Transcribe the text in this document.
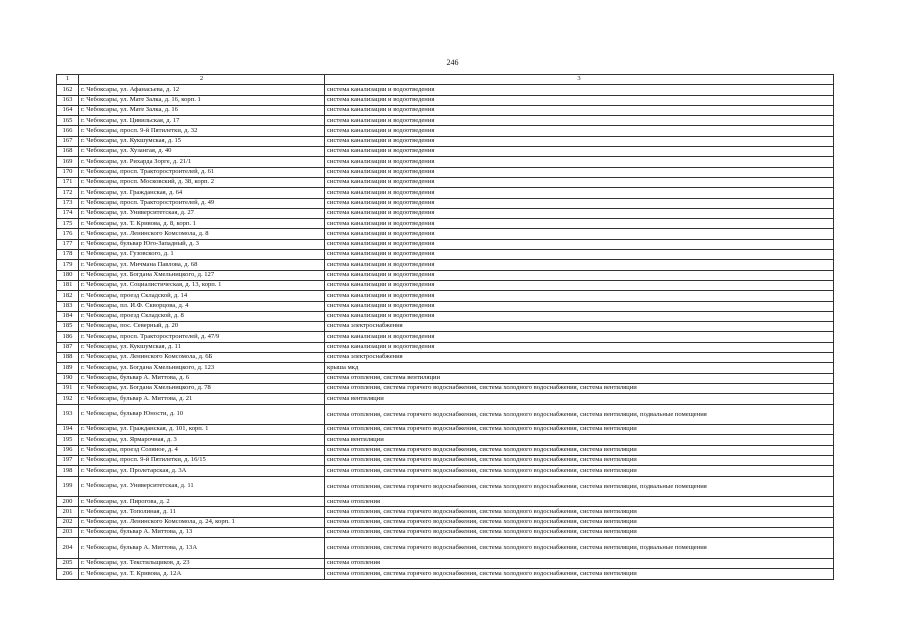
246
1	2	3
162	г. Чебоксары, ул. Афанасьева, д. 12	система канализации и водоотведения
163	г. Чебоксары, ул. Мате Залка, д. 16, корп. 1	система канализации и водоотведения
164	г. Чебоксары, ул. Мате Залка, д. 16	система канализации и водоотведения
165	г. Чебоксары, ул. Цивильская, д. 17	система канализации и водоотведения
166	г. Чебоксары, просп. 9-й Пятилетки, д. 32	система канализации и водоотведения
167	г. Чебоксары, ул. Кукшумская, д. 15	система канализации и водоотведения
168	г. Чебоксары, ул. Хузангая, д. 40	система канализации и водоотведения
169	г. Чебоксары, ул. Рихарда Зорге, д. 21/1	система канализации и водоотведения
170	г. Чебоксары, просп. Тракторостроителей, д. 61	система канализации и водоотведения
171	г. Чебоксары, просп. Московский, д. 38, корп. 2	система канализации и водоотведения
172	г. Чебоксары, ул. Гражданская, д. 64	система канализации и водоотведения
173	г. Чебоксары, просп. Тракторостроителей, д. 49	система канализации и водоотведения
174	г. Чебоксары, ул. Университетская, д. 27	система канализации и водоотведения
175	г. Чебоксары, ул. Т. Кривова, д. 8, корп. 1	система канализации и водоотведения
176	г. Чебоксары, ул. Ленинского Комсомола, д. 8	система канализации и водоотведения
177	г. Чебоксары, бульвар Юго-Западный, д. 3	система канализации и водоотведения
178	г. Чебоксары, ул. Гузовского, д. 1	система канализации и водоотведения
179	г. Чебоксары, ул. Мичмана Павлова, д. 68	система канализации и водоотведения
180	г. Чебоксары, ул. Богдана Хмельницкого, д. 127	система канализации и водоотведения
181	г. Чебоксары, ул. Социалистическая, д. 13, корп. 1	система канализации и водоотведения
182	г. Чебоксары, проезд Складской, д. 14	система канализации и водоотведения
183	г. Чебоксары, пл. И.Ф. Скворцова, д. 4	система канализации и водоотведения
184	г. Чебоксары, проезд Складской, д. 8	система канализации и водоотведения
185	г. Чебоксары, пос. Северный, д. 20	система электроснабжения
186	г. Чебоксары, просп. Тракторостроителей, д. 47/9	система канализации и водоотведения
187	г. Чебоксары, ул. Кукшумская, д. 11	система канализации и водоотведения
188	г. Чебоксары, ул. Ленинского Комсомола, д. 6Б	система электроснабжения
189	г. Чебоксары, ул. Богдана Хмельницкого, д. 123	крыша мкд
190	г. Чебоксары, бульвар А. Миттова, д. 6	система отопления, система вентиляции
191	г. Чебоксары, ул. Богдана Хмельницкого, д. 78	система отопления, система горячего водоснабжения, система холодного водоснабжения, система вентиляции
192	г. Чебоксары, бульвар А. Миттова, д. 21	система вентиляции
193	г. Чебоксары, бульвар Юности, д. 10	система отопления, система горячего водоснабжения, система холодного водоснабжения, система вентиляции, подвальные помещения
194	г. Чебоксары, ул. Гражданская, д. 101, корп. 1	система отопления, система горячего водоснабжения, система холодного водоснабжения, система вентиляции
195	г. Чебоксары, ул. Ярмарочная, д. 3	система вентиляции
196	г. Чебоксары, проезд Соляное, д. 4	система отопления, система горячего водоснабжения, система холодного водоснабжения, система вентиляции
197	г. Чебоксары, просп. 9-й Пятилетки, д. 16/15	система отопления, система горячего водоснабжения, система холодного водоснабжения, система вентиляции
198	г. Чебоксары, ул. Пролетарская, д. 3А	система отопления, система горячего водоснабжения, система холодного водоснабжения, система вентиляции
199	г. Чебоксары, ул. Университетская, д. 11	система отопления, система горячего водоснабжения, система холодного водоснабжения, система вентиляции, подвальные помещения
200	г. Чебоксары, ул. Пирогова, д. 2	система отопления
201	г. Чебоксары, ул. Тополиная, д. 11	система отопления, система горячего водоснабжения, система холодного водоснабжения, система вентиляции
202	г. Чебоксары, ул. Ленинского Комсомола, д. 24, корп. 1	система отопления, система горячего водоснабжения, система холодного водоснабжения, система вентиляции
203	г. Чебоксары, бульвар А. Миттова, д. 13	система отопления, система горячего водоснабжения, система холодного водоснабжения, система вентиляции
204	г. Чебоксары, бульвар А. Миттова, д. 13А	система отопления, система горячего водоснабжения, система холодного водоснабжения, система вентиляции, подвальные помещения
205	г. Чебоксары, ул. Текстильщиков, д. 23	система отопления
206	г. Чебоксары, ул. Т. Кривова, д. 12А	система отопления, система горячего водоснабжения, система холодного водоснабжения, система вентиляции
